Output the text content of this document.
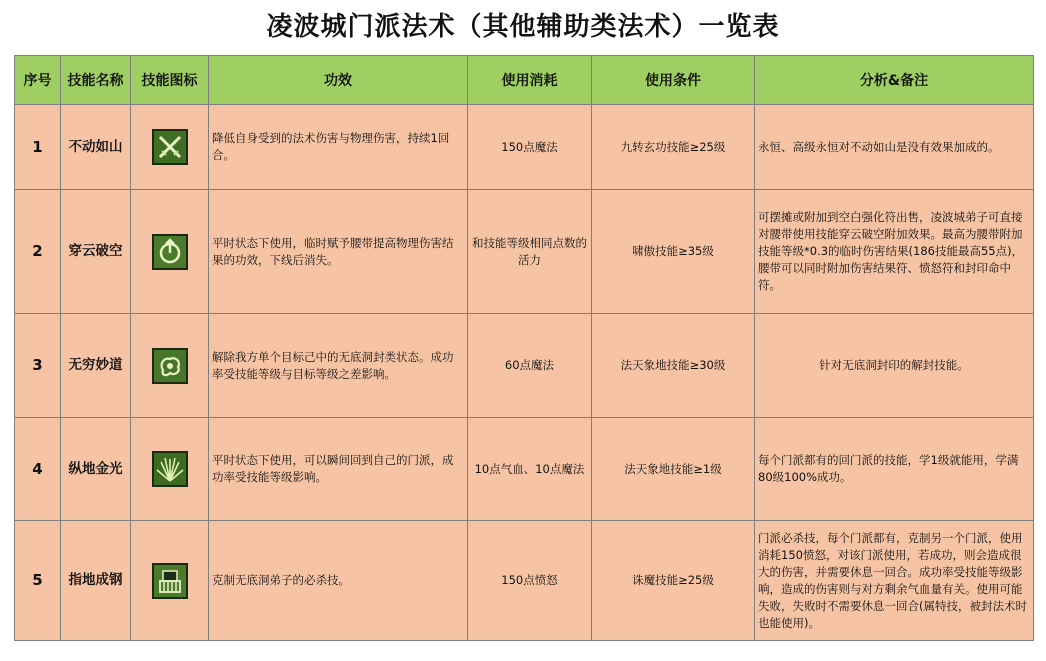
凌波城门派法术（其他辅助类法术）一览表
序号	技能名称	技能图标	功效	使用消耗	使用条件	分析&备注
1	不动如山		降低自身受到的法术伤害与物理伤害，持续1回合。	150点魔法	九转玄功技能≥25级	永恒、高级永恒对不动如山是没有效果加成的。
2	穿云破空		平时状态下使用，临时赋予腰带提高物理伤害结果的功效，下线后消失。	和技能等级相同点数的活力	啸傲技能≥35级	可摆摊或附加到空白强化符出售，凌波城弟子可直接对腰带使用技能穿云破空附加效果。最高为腰带附加技能等级*0.3的临时伤害结果(186技能最高55点)，腰带可以同时附加伤害结果符、愤怒符和封印命中符。
3	无穷妙道		解除我方单个目标己中的无底洞封类状态。成功率受技能等级与目标等级之差影响。	60点魔法	法天象地技能≥30级	针对无底洞封印的解封技能。
4	纵地金光		平时状态下使用，可以瞬间回到自己的门派，成功率受技能等级影响。	10点气血、10点魔法	法天象地技能≥1级	每个门派都有的回门派的技能，学1级就能用，学满80级100%成功。
5	指地成钢		克制无底洞弟子的必杀技。	150点愤怒	诛魔技能≥25级	门派必杀技，每个门派都有，克制另一个门派，使用消耗150愤怒，对该门派使用，若成功，则会造成很大的伤害，并需要休息一回合。成功率受技能等级影响，造成的伤害则与对方剩余气血量有关。使用可能失败，失败时不需要休息一回合(属特技，被封法术时也能使用)。
